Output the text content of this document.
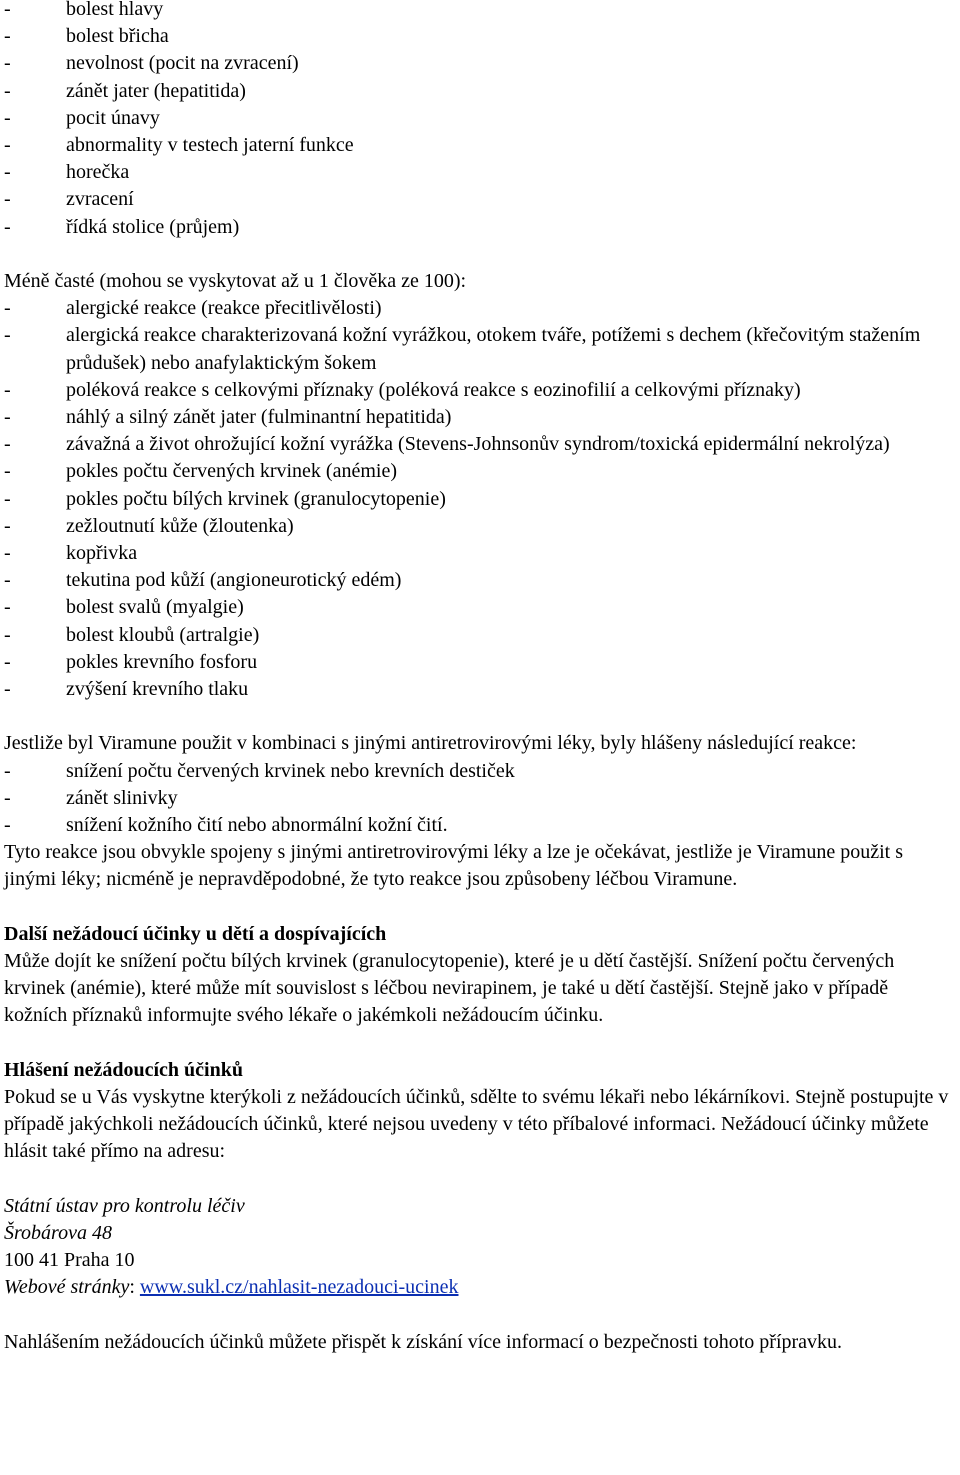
-	bolest hlavy
-	bolest břicha
-	nevolnost (pocit na zvracení)
-	zánět jater (hepatitida)
-	pocit únavy
-	abnormality v testech jaterní funkce
-	horečka
-	zvracení
-	řídká stolice (průjem)

Méně časté (mohou se vyskytovat až u 1 člověka ze 100):

-	alergické reakce (reakce přecitlivělosti)
-	alergická reakce charakterizovaná kožní vyrážkou, otokem tváře, potížemi s dechem (křečovitým stažením průdušek) nebo anafylaktickým šokem
-	poléková reakce s celkovými příznaky (poléková reakce s eozinofilií a celkovými příznaky)
-	náhlý a silný zánět jater (fulminantní hepatitida)
-	závažná a život ohrožující kožní vyrážka (Stevens-Johnsonův syndrom/toxická epidermální nekrolýza)
-	pokles počtu červených krvinek (anémie)
-	pokles počtu bílých krvinek (granulocytopenie)
-	zežloutnutí kůže (žloutenka)
-	kopřivka
-	tekutina pod kůží (angioneurotický edém)
-	bolest svalů (myalgie)
-	bolest kloubů (artralgie)
-	pokles krevního fosforu
-	zvýšení krevního tlaku

Jestliže byl Viramune použit v kombinaci s jinými antiretrovirovými léky, byly hlášeny následující reakce:

-	snížení počtu červených krvinek nebo krevních destiček
-	zánět slinivky
-	snížení kožního čití nebo abnormální kožní čití.

Tyto reakce jsou obvykle spojeny s jinými antiretrovirovými léky a lze je očekávat, jestliže je Viramune použit s jinými léky; nicméně je nepravděpodobné, že tyto reakce jsou způsobeny léčbou Viramune.

Další nežádoucí účinky u dětí a dospívajících

Může dojít ke snížení počtu bílých krvinek (granulocytopenie), které je u dětí častější. Snížení počtu červených krvinek (anémie), které může mít souvislost s léčbou nevirapinem, je také u dětí častější. Stejně jako v případě kožních příznaků informujte svého lékaře o jakémkoli nežádoucím účinku.

Hlášení nežádoucích účinků

Pokud se u Vás vyskytne kterýkoli z nežádoucích účinků, sdělte to svému lékaři nebo lékárníkovi. Stejně postupujte v případě jakýchkoli nežádoucích účinků, které nejsou uvedeny v této příbalové informaci. Nežádoucí účinky můžete hlásit také přímo na adresu:

Státní ústav pro kontrolu léčiv

Šrobárova 48

100 41 Praha 10

Webové stránky: www.sukl.cz/nahlasit-nezadouci-ucinek

Nahlášením nežádoucích účinků můžete přispět k získání více informací o bezpečnosti tohoto přípravku.
